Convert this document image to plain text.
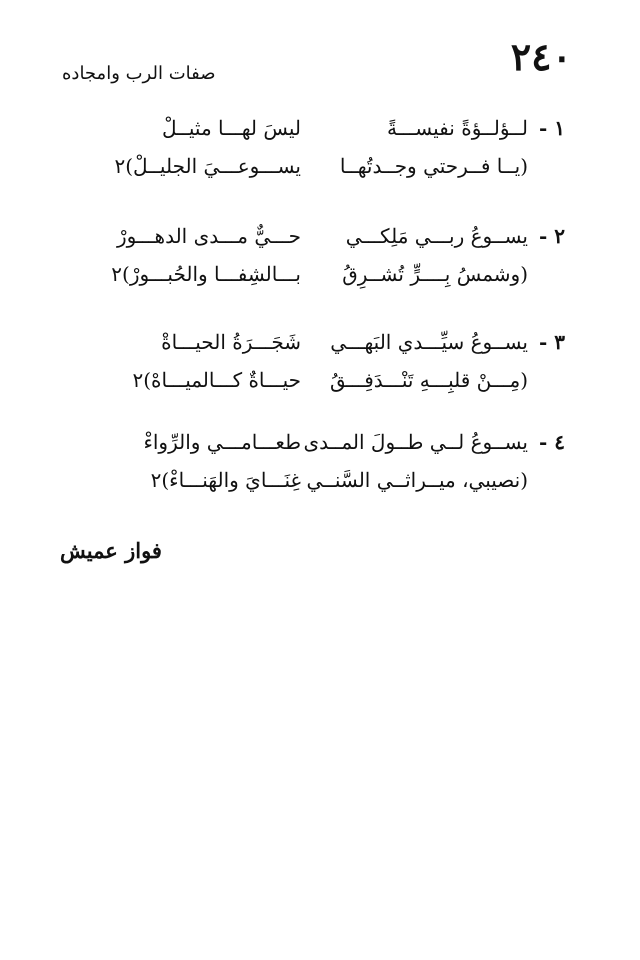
٢٤٠
صفات الرب وامجاده
١ -
لــؤلــؤةً نفيســـةً
ليسَ لهـــا مثيــلْ
(يــا فــرحتي وجــدتُهــا
يســـوعـــيَ الجليــلْ)٢
٢ -
يســوعُ ربـــي مَلِكـــي
حـــيٌّ مـــدى الدهـــورْ
(وشمسُ بِــــرٍّ تُشــرِقُ
بـــالشِفـــا والحُبـــورْ)٢
٣ -
يســوعُ سيِّـــدي البَهـــي
شَجَـــرَةُ الحيـــاةْ
(مِـــنْ قلبِـــهِ تَنْـــدَفِـــقُ
حيـــاةٌ كـــالميـــاهْ)٢
٤ -
يســوعُ لــي طــولَ المــدى
طعـــامـــي والرِّواءْ
(نصيبي، ميــراثــي السَّنــي
غِنَـــايَ والهَنـــاءْ)٢
فواز عميش
